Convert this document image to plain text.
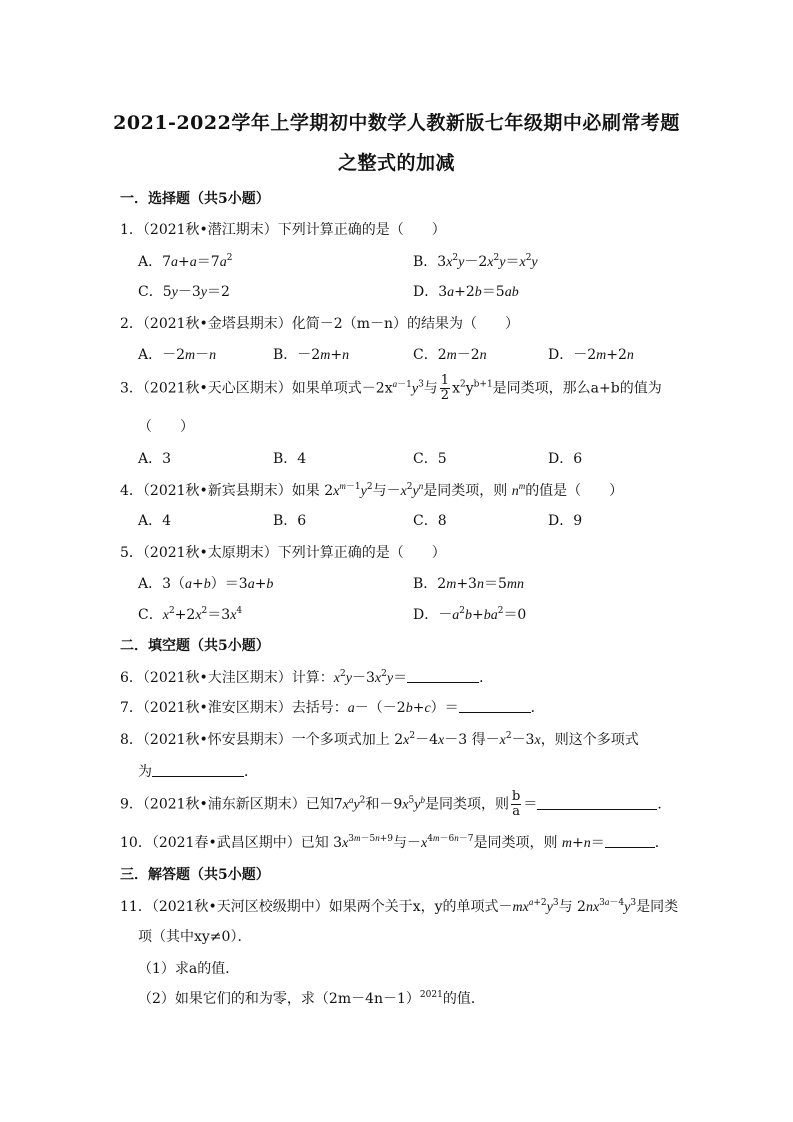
2021-2022学年上学期初中数学人教新版七年级期中必刷常考题
之整式的加减
一．选择题（共5小题）
1．（2021秋•潜江期末）下列计算正确的是（　　）
A．$7a+a=7a^2$	B．$3x^2y-2x^2y=x^2y$
C．5y－3y＝2	D．3a+2b＝5ab
2．（2021秋•金塔县期末）化简－2（m－n）的结果为（　　）
A．－2m－n	B．－2m+n	C．2m－2n	D．－2m+2n
3．（2021秋•天心区期末）如果单项式$-2x^{a-1}y^3$与 $\frac{1}{2} x^2y^{b+1}$是同类项，那么a+b的值为
（　　）
A．3	B．4	C．5	D．6
4．（2021秋•新宾县期末）如果 $2x^{m-1}y^2$与$-x^2y^n$是同类项，则 $n^m$的值是（　　）
A．4	B．6	C．8	D．9
5．（2021秋•太原期末）下列计算正确的是（　　）
A．3（a+b）＝3a+b	B．2m+3n＝5mn
C．$x^2+2x^2=3x^4$	D．$-a^2b+ba^2=0$
二．填空题（共5小题）
6．（2021秋•大洼区期末）计算：$x^2y-3x^2y=$	．
7．（2021秋•淮安区期末）去括号：a－（－2b+c）＝	．
8．（2021秋•怀安县期末）一个多项式加上 $2x^2-4x-3$ 得$-x^2-3x$，则这个多项式
为	．
9．（2021秋•浦东新区期末）已知$7x^ay^2$和$-9x^5y^b$是同类项，则 $\frac{b}{a}$ ＝	．
10．（2021春•武昌区期中）已知 $3x^{3m-5n+9}$与$-x^{4m-6n-7}$是同类项，则 m+n＝	．
三．解答题（共5小题）
11．（2021秋•天河区校级期中）如果两个关于x，y的单项式$-mx^{a+2}y^3$与 $2nx^{3a-4}y^3$是同类
项（其中xy≠0）．
（1）求a的值．
（2）如果它们的和为零，求$(2m-4n-1)^{2021}$的值．
